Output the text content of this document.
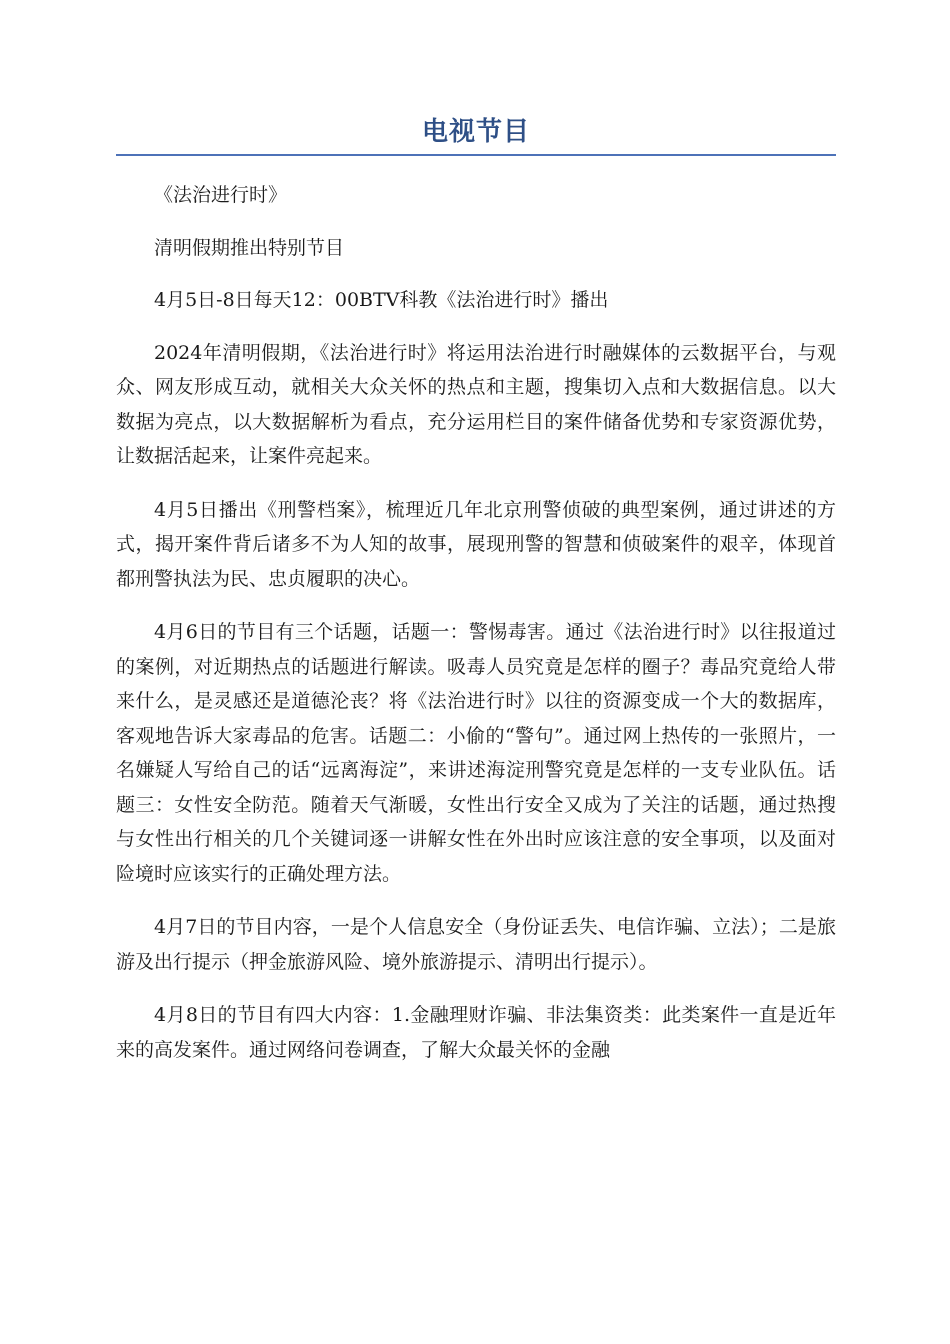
电视节目

《法治进行时》

清明假期推出特别节目

4月5日-8日每天12：00BTV科教《法治进行时》播出

2024年清明假期，《法治进行时》将运用法治进行时融媒体的云数据平台，与观众、网友形成互动，就相关大众关怀的热点和主题，搜集切入点和大数据信息。以大数据为亮点，以大数据解析为看点，充分运用栏目的案件储备优势和专家资源优势，让数据活起来，让案件亮起来。

4月5日播出《刑警档案》，梳理近几年北京刑警侦破的典型案例，通过讲述的方式，揭开案件背后诸多不为人知的故事，展现刑警的智慧和侦破案件的艰辛，体现首都刑警执法为民、忠贞履职的决心。

4月6日的节目有三个话题，话题一：警惕毒害。通过《法治进行时》以往报道过的案例，对近期热点的话题进行解读。吸毒人员究竟是怎样的圈子？毒品究竟给人带来什么，是灵感还是道德沦丧？将《法治进行时》以往的资源变成一个大的数据库，客观地告诉大家毒品的危害。话题二：小偷的“警句”。通过网上热传的一张照片，一名嫌疑人写给自己的话“远离海淀”，来讲述海淀刑警究竟是怎样的一支专业队伍。话题三：女性安全防范。随着天气渐暖，女性出行安全又成为了关注的话题，通过热搜与女性出行相关的几个关键词逐一讲解女性在外出时应该注意的安全事项，以及面对险境时应该实行的正确处理方法。

4月7日的节目内容，一是个人信息安全（身份证丢失、电信诈骗、立法）；二是旅游及出行提示（押金旅游风险、境外旅游提示、清明出行提示）。

4月8日的节目有四大内容：1.金融理财诈骗、非法集资类：此类案件一直是近年来的高发案件。通过网络问卷调查，了解大众最关怀的金融
